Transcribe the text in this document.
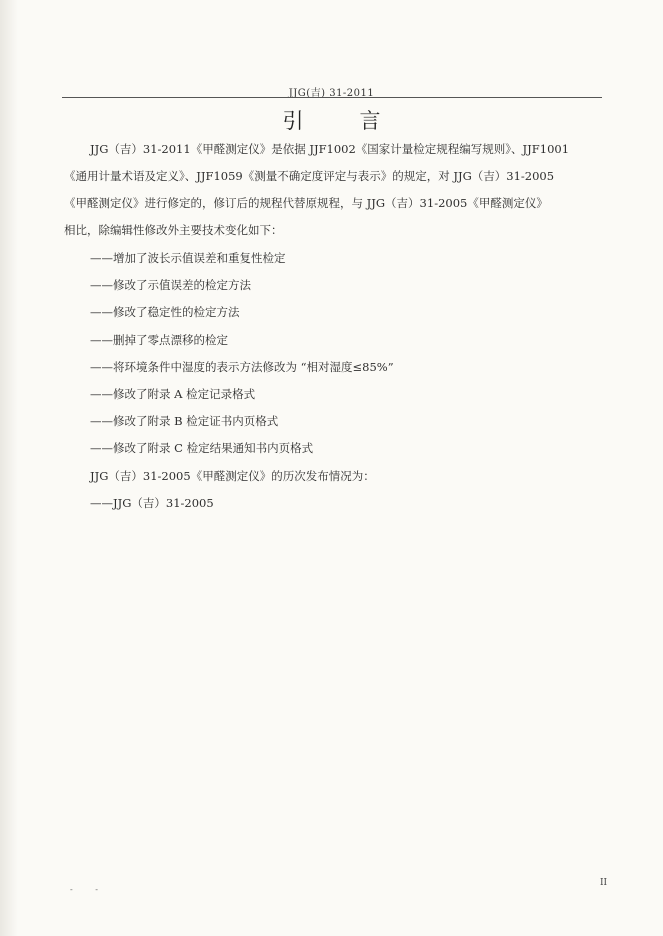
JJG(吉) 31-2011
引言
JJG（吉）31-2011《甲醛测定仪》是依据 JJF1002《国家计量检定规程编写规则》、JJF1001
《通用计量术语及定义》、JJF1059《测量不确定度评定与表示》的规定，对 JJG（吉）31-2005
《甲醛测定仪》进行修定的，修订后的规程代替原规程，与 JJG（吉）31-2005《甲醛测定仪》
相比，除编辑性修改外主要技术变化如下：
——增加了波长示值误差和重复性检定
——修改了示值误差的检定方法
——修改了稳定性的检定方法
——删掉了零点漂移的检定
——将环境条件中湿度的表示方法修改为 “相对湿度≤85%”
——修改了附录 A 检定记录格式
——修改了附录 B 检定证书内页格式
——修改了附录 C 检定结果通知书内页格式
JJG（吉）31-2005《甲醛测定仪》的历次发布情况为：
——JJG（吉）31-2005
- -
II
